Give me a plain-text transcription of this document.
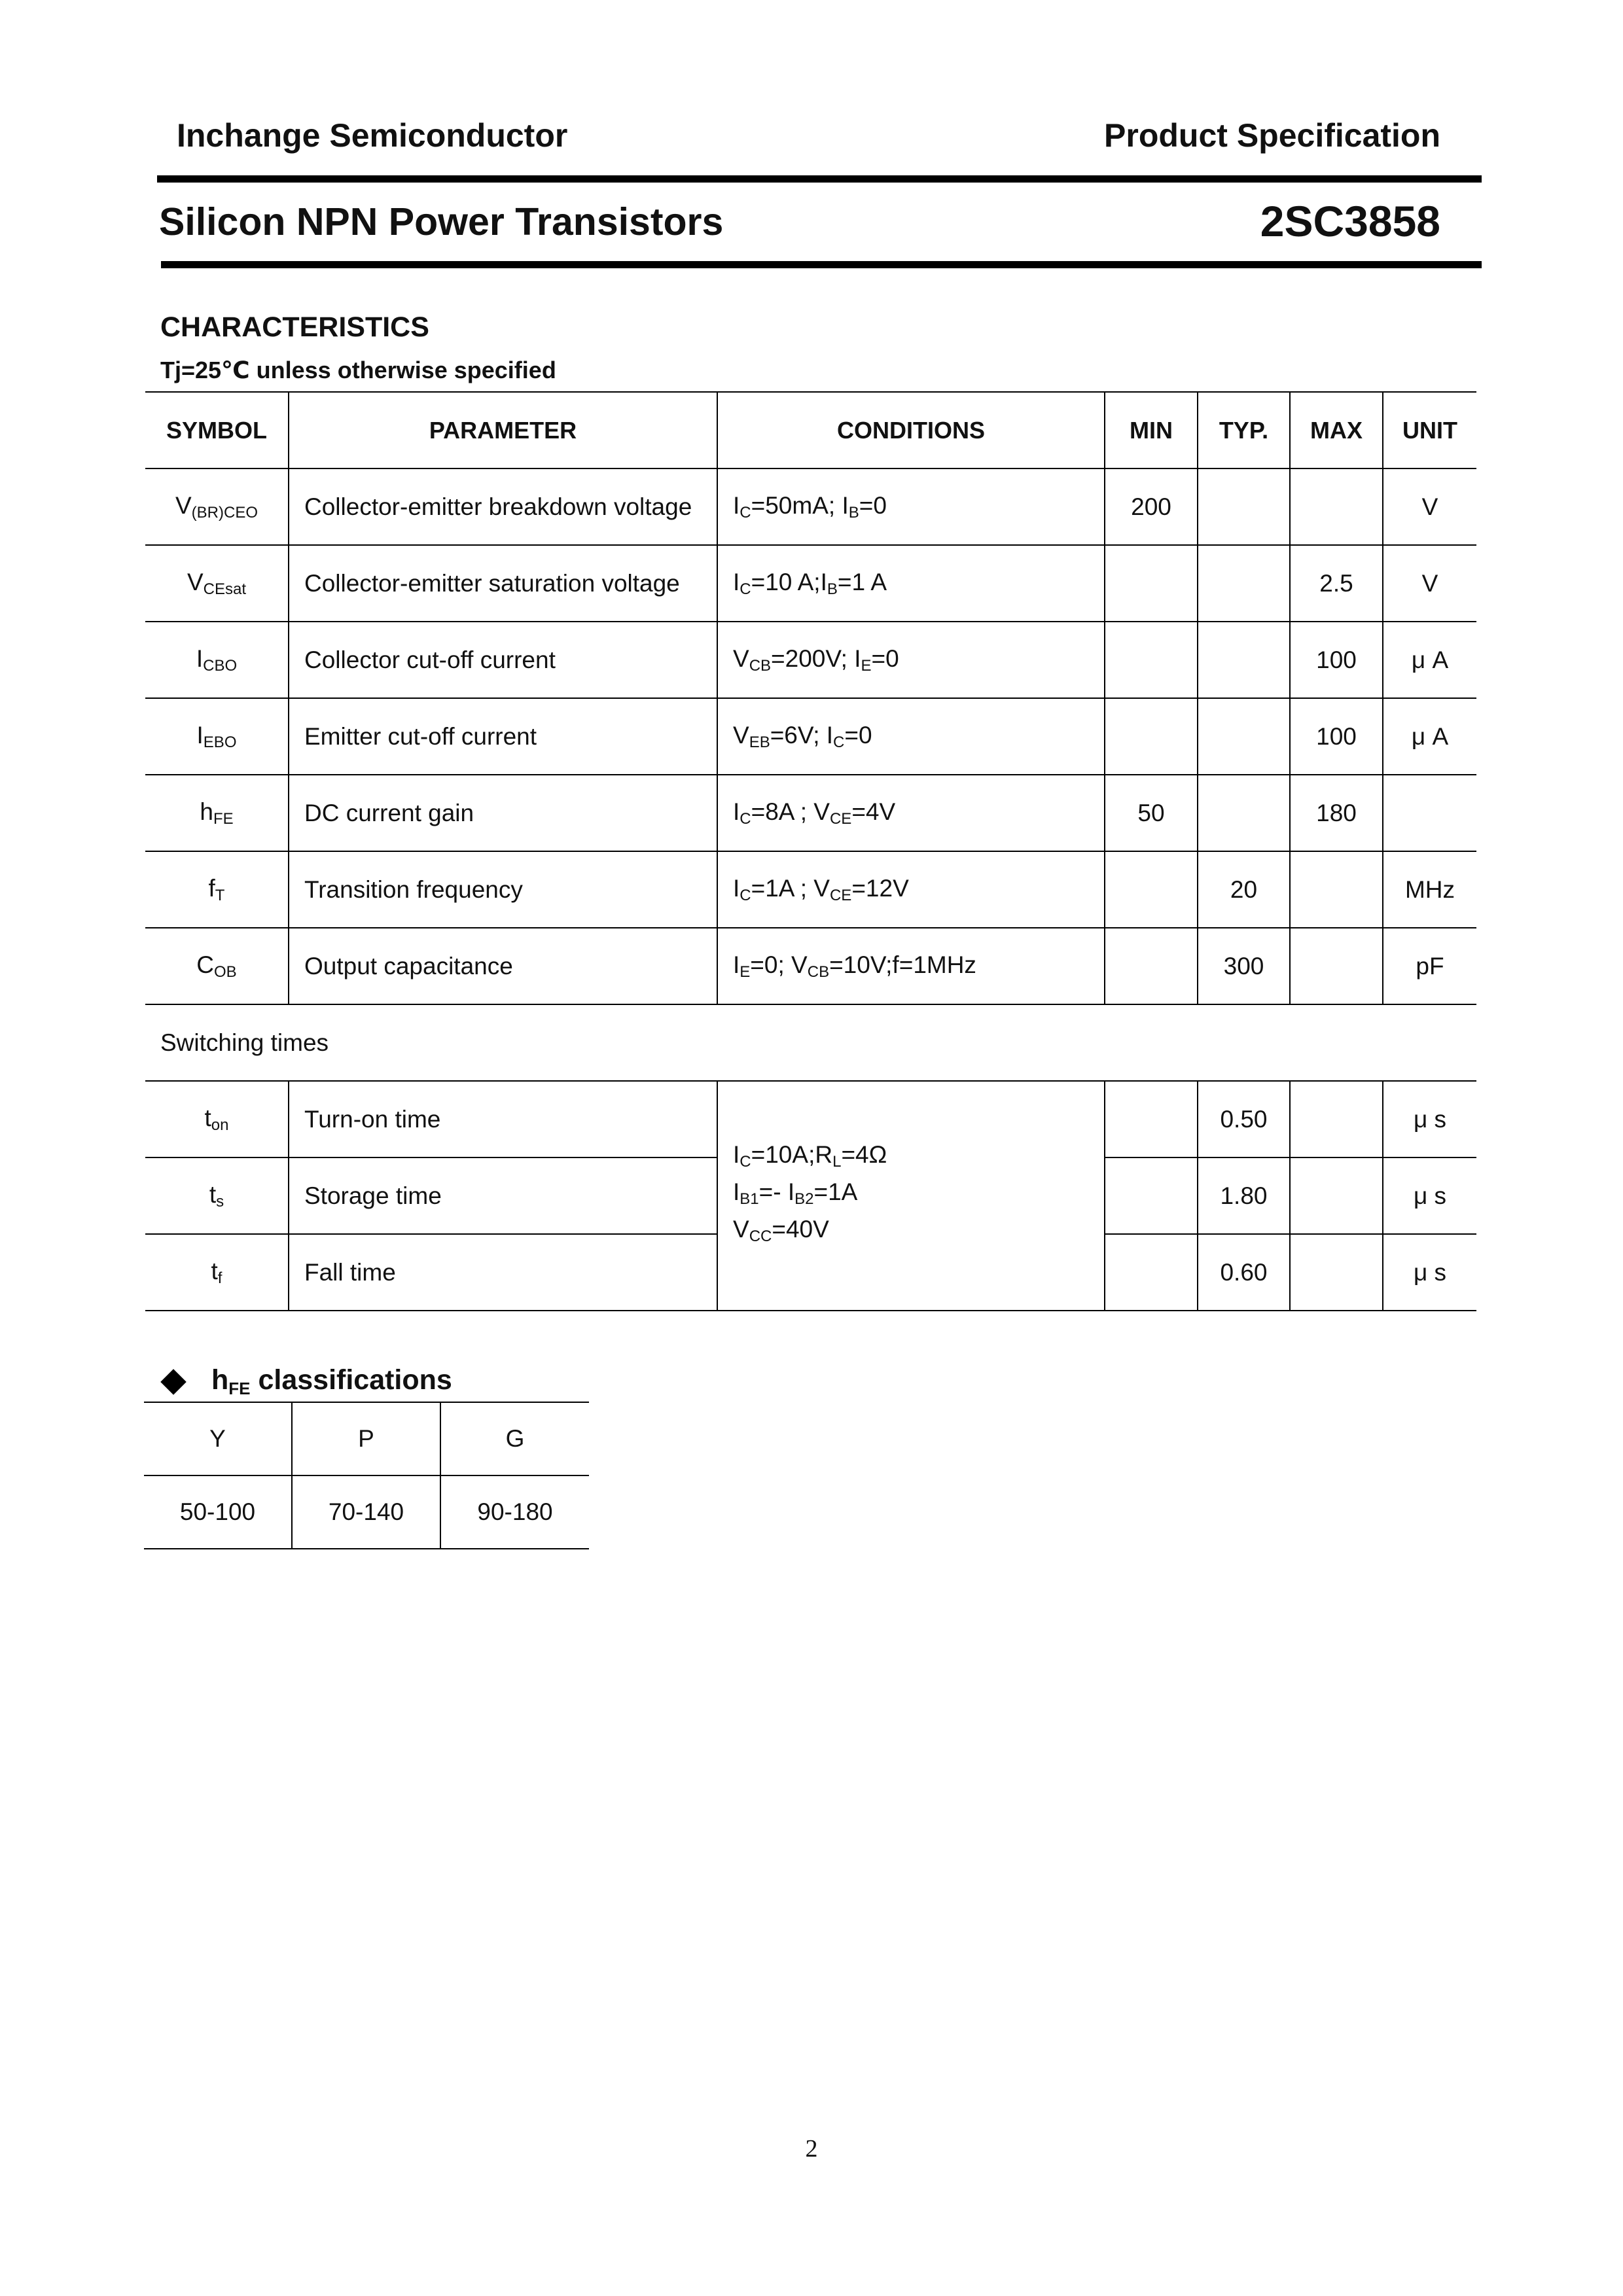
Inchange Semiconductor	Product Specification
Silicon NPN Power Transistors	2SC3858
CHARACTERISTICS
Tj=25℃ unless otherwise specified
SYMBOL	PARAMETER	CONDITIONS	MIN	TYP.	MAX	UNIT
$V_{(BR)CEO}$	Collector-emitter breakdown voltage	$I_C=50mA$; $I_B=0$	200			V
$V_{CEsat}$	Collector-emitter saturation voltage	$I_C=10$ $A;I_B=1$ A			2.5	V
$I_{CBO}$	Collector cut-off current	$V_{CB}=200V$; $I_E=0$			100	μ A
$I_{EBO}$	Emitter cut-off current	$V_{EB}=6V$; $I_C=0$			100	μ A
$h_{FE}$	DC current gain	$I_C=8A$ ; $V_{CE}=4V$	50		180	
$f_T$	Transition frequency	$I_C=1A$ ; $V_{CE}=12V$		20		MHz
$C_{OB}$	Output capacitance	$I_E=0$; $V_{CB}=10V;f=1MHz$		300		pF
Switching times						
$t_{on}$	Turn-on time	$I_C=10A;R_L=4\Omega$
$I_{B1}=-$ $I_{B2}=1A$
$V_{CC}=40V$		0.50		μ s
$t_s$	Storage time			1.80		μ s
$t_f$	Fall time			0.60		μ s
hFE classifications
Y	P	G
50-100	70-140	90-180
2
